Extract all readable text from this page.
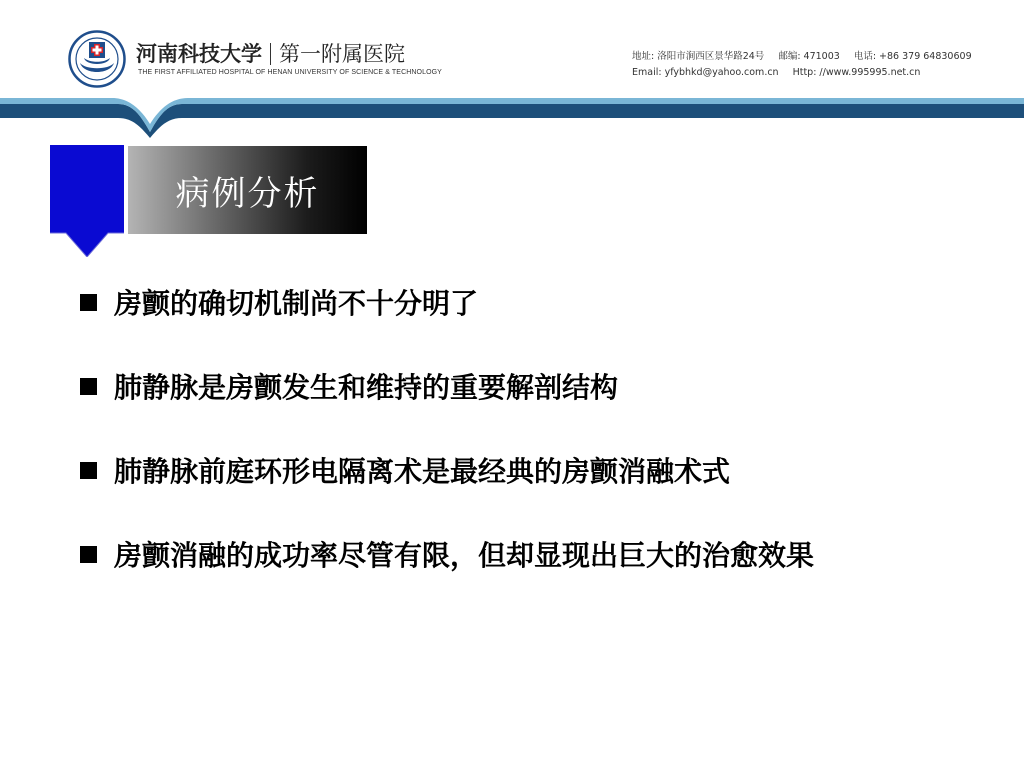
河南科技大学 第一附属医院
THE FIRST AFFILIATED HOSPITAL OF HENAN UNIVERSITY OF SCIENCE & TECHNOLOGY
地址: 洛阳市涧西区景华路24号 邮编: 471003 电话: +86 379 64830609
Email: yfybhkd@yahoo.com.cn Http: //www.995995.net.cn
病例分析
房颤的确切机制尚不十分明了
肺静脉是房颤发生和维持的重要解剖结构
肺静脉前庭环形电隔离术是最经典的房颤消融术式
房颤消融的成功率尽管有限，但却显现出巨大的治愈效果
